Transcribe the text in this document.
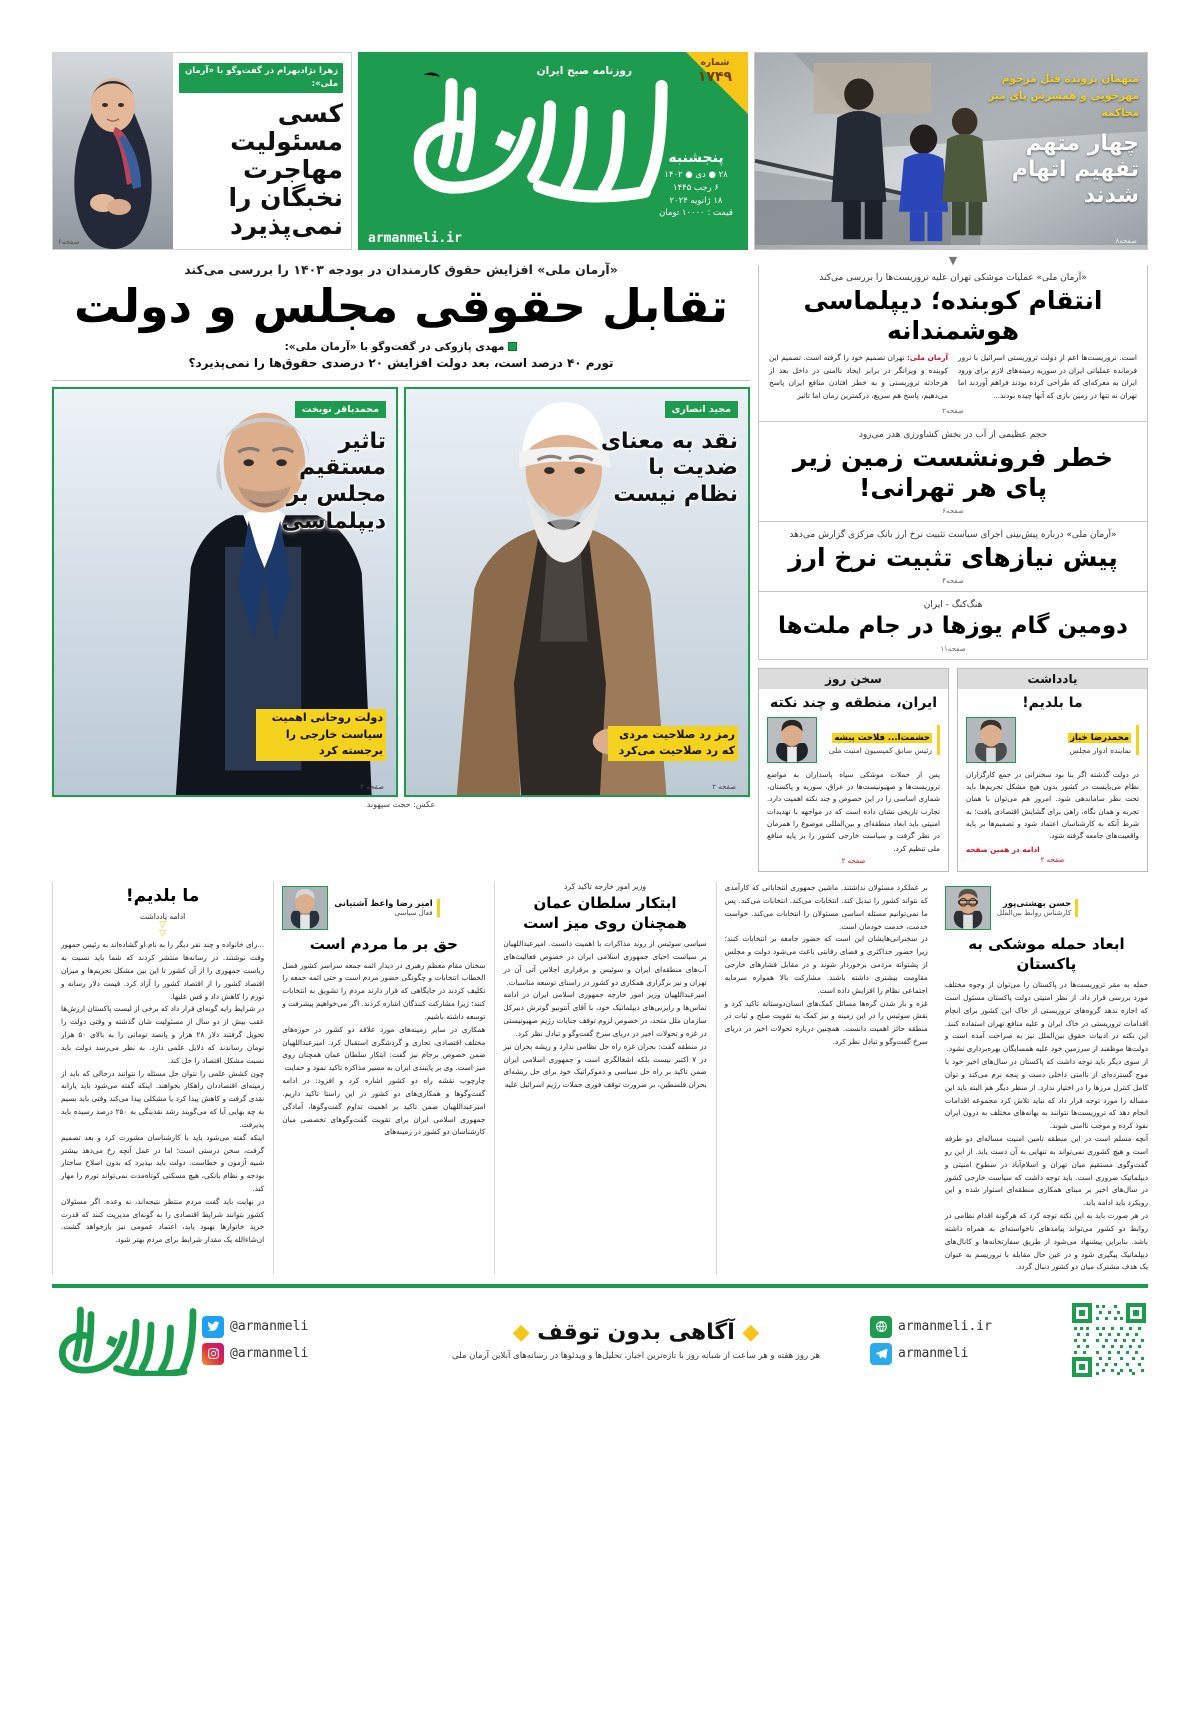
زهرا نژادبهرام در گفت‌وگو با «آرمان ملی»:
کسی مسئولیت مهاجرت نخبگان را نمی‌پذیرد
صفحه۶
شماره
۱۷۴۹
روزنامه صبح ایران
پنجشنبه
۲۸ ● دی ● ۱۴۰۲
۶ رجب ۱۴۴۵
۱۸ ژانویه ۲۰۲۴
قیمت : ۱۰۰۰۰ تومان
armanmeli.ir
متهمان پرونده قتل مرحوم مهرجویی و همسرش پای میز محاکمه
چهار متهم تفهیم اتهام شدند
صفحه۸
«آرمان ملی» افزایش حقوق کارمندان در بودجه ۱۴۰۳ را بررسی می‌کند
تقابل حقوقی مجلس و دولت
مهدی پازوکی در گفت‌وگو با «آرمان ملی»:
تورم ۴۰ درصد است، بعد دولت افزایش ۲۰ درصدی حقوق‌ها را نمی‌پذیرد؟
محمدباقر نوبخت
تاثیر مستقیم مجلس بر دیپلماسی
دولت روحانی اهمیت سیاست خارجی را برجسته کرد
صفحه ۴
مجید انصاری
نقد به معنای ضدیت با نظام نیست
رمز رد صلاحیت مردی که رد صلاحیت می‌کرد
صفحه ۲
عکس: حجت سپهوند
▼
«آرمان ملی» عملیات موشکی تهران علیه تروریست‌ها را بررسی می‌کند
انتقام کوبنده؛ دیپلماسی هوشمندانه
آرمان ملی: تهران تصمیم خود را گرفته است. تصمیم این کوبنده و ویرانگر در برابر ایجاد ناامنی در داخل بعد از هرحادثه تروریستی و به خطر افتادن منافع ایران پاسخ می‌دهیم، پاسخ هم سریع، درکمترین زمان اما تاثیر
است. تروریست‌ها اعم از دولت تروریستی اسرائیل با ترور فرمانده عملیاتی ایران در سوریه زمینه‌های لازم برای ورود ایران به معرکه‌ای که طراحی کرده بودند فراهم آوردند اما تهران نه تنها در زمین بازی که آنها چیده بودند...
صفحه۲
حجم عظیمی از آب در بخش کشاورزی هدر می‌رود
خطر فرونشست زمین زیر پای هر تهرانی!
صفحه۶
«آرمان ملی» درباره پیش‌بینی اجرای سیاست تثبیت نرخ ارز بانک مرکزی گزارش می‌دهد
پیش نیازهای تثبیت نرخ ارز
صفحه۴
هنگ‌کنگ - ایران
دومین گام یوزها در جام ملت‌ها
صفحه۱۱
سخن روز
ایران، منطقه و چند نکته
حشمت‌ا... فلاحت پیشه
رئیس سابق کمیسیون امنیت ملی

پس از حملات موشکی سپاه پاسداران به مواضع تروریست‌ها و صهیونیست‌ها در عراق، سوریه و پاکستان، شماری اساسی را در این خصوص و چند نکته اهمیت دارد. تجارب تاریخی نشان داده است که در مواجهه با تهدیدات امنیتی باید ابعاد منطقه‌ای و بین‌المللی موضوع را همزمان در نظر گرفت و سیاست خارجی کشور را بر پایه منافع ملی تنظیم کرد.

صفحه ۲
یادداشت
ما بلدیم!
محمدرضا خباز
نماینده ادوار مجلس

در دولت گذشته اگر بنا بود سخنرانی در جمع کارگزاران نظام می‌بایست در کشور بدون هیچ مشکل تحریم‌ها باید تحت نظر ساماندهی شود. امروز هم می‌توان با همان تجربه و همان نگاه، راهی برای گشایش اقتصادی یافت؛ به شرط آنکه به کارشناسان اعتماد شود و تصمیم‌ها بر پایه واقعیت‌های جامعه گرفته شود.

ادامه در همین صفحه
صفحه ۲
ما بلدیم!
ادامه یادداشت
▽
▽

...رای خانواده و چند نفر دیگر را به نام او گشاده‌اند به رئیس جمهور وقت نوشتند. در رسانه‌ها منتشر کردند که شما باید نسبت به ریاست جمهوری را از آن کشور تا این بین مشکل تحریم‌ها و میزان اقتصاد کشور را از اقتصاد کشور را آزاد کرد. قیمت دلار رسانه و تورم را کاهش داد و قس علیها.

در شرایط رایه گونه‌ای قرار داد که برخی از لیست پاکستان ارزش‌ها عقب بیش از دو سال از مسئولیت شان گذشته و وقتی دولت را تحویل گرفتند دلار ۲۸ هزار و پانصد تومانی را به بالای ۵۰ هزار تومان رساندند که دلایل علمی دارد. به نظر می‌رسد دولت باید نسبت مشکل اقتصاد را حل کند.

چون کشش علمی را نتوان حل مسئله را نتوانند درحالی که باید از زمینه‌ای اقتصاددان راهکار بخواهند. اینکه گفته می‌شود باید یارانه نقدی گرفت و کاهش پیدا کرد یا مشکلی پیدا می‌کند وقتی باید بسیم به چه بهایی آیا که می‌گویند رشد نقدینگی به ۲۵۰ درصد رسیده باید پذیرفت.

اینکه گفته می‌شود باید با کارشناسان مشورت کرد و بعد تصمیم گرفت، سخن درستی است؛ اما در عمل آنچه رخ می‌دهد بیشتر شبیه آزمون و خطاست. دولت باید بپذیرد که بدون اصلاح ساختار بودجه و نظام بانکی، هیچ مسکنی کوتاه‌مدت نمی‌تواند تورم را مهار کند.

در نهایت باید گفت مردم منتظر نتیجه‌اند، نه وعده. اگر مسئولان کشور بتوانند شرایط اقتصادی را به گونه‌ای مدیریت کنند که قدرت خرید خانوارها بهبود یابد، اعتماد عمومی نیز بازخواهد گشت. ان‌شاءالله یک مقدار شرایط برای مردم بهتر شود.

امیر رضا واعظ آشتیانی
فعال سیاسی
حق بر ما مردم است

سخنان مقام معظم رهبری در دیدار ائمه جمعه سراسر کشور فصل الخطاب انتخابات و چگونگی حضور مردم است و حتی ائمه جمعه را تکلیف کردند در جایگاهی که قرار دارند مردم را تشویق به انتخابات کنند؛ زیرا مشارکت کنندگان اشاره کردند. اگر می‌خواهیم پیشرفت و توسعه داشته باشیم.

همکاری در سایر زمینه‌های مورد علاقه دو کشور در حوزه‌های مختلف اقتصادی، تجاری و گردشگری استقبال کرد. امیرعبداللهیان ضمن خصوص برجام نیز گفت: ابتکار سلطان عمان همچنان روی میز است. وی بر پایبندی ایران به مسیر مذاکره تاکید نمود و حمایت

چارچوب نقشه راه دو کشور اشاره کرد و افزود: در ادامه گفت‌وگوها و همکاری‌های دو کشور در این راستا تاکید داریم. امیرعبداللهیان ضمن تاکید بر اهمیت تداوم گفت‌وگوها، آمادگی جمهوری اسلامی ایران برای تقویت گفت‌وگوهای تخصصی میان کارشناسان دو کشور در زمینه‌های

وزیر امور خارجه تاکید کرد
ابتکار سلطان عمان همچنان روی میز است

سیاسی سوئیس از روند مذاکرات با اهمیت دانست. امیرعبداللهیان بر سیاست احیای جمهوری اسلامی ایران در خصوص فعالیت‌های آب‌های منطقه‌ای ایران و سوئیس و برقراری اجلاس آتی آن در تهران و نیز برگزاری همکاری دو کشور در راستای توسعه مناسبات.

امیرعبداللهیان وزیر امور خارجه جمهوری اسلامی ایران در ادامه تماس‌ها و رایزنی‌های دیپلماتیک خود، با آقای آنتونیو گوترش دبیرکل سازمان ملل متحد، در خصوص لزوم توقف جنایات رژیم صهیونیستی در غزه و تحولات اخیر در دریای سرخ گفت‌وگو و تبادل نظر کرد.

در منطقه گفت: بحران غزه راه حل نظامی ندارد و ریشه بحران نیز در ۷ اکتبر نیست بلکه اشغالگری است و جمهوری اسلامی ایران ضمن تاکید بر راه حل سیاسی و دموکراتیک خود برای حل ریشه‌ای بحران فلسطین، بر ضرورت توقف فوری حملات رژیم اسرائیل علیه

بر عملکرد مسئولان نداشتند. ماشین جمهوری انتخاباتی که کارآمدی که نتواند کشور را تبدیل کند. انتخابات می‌کند. انتخابات می‌کند. پس ما نمی‌توانیم مسئله اساسی مسئولان را انتخابات می‌کند. خواست خدمت، خدمت خودمان است.

در سخنرانی‌هایشان این است که حضور جامعه بر انتخابات کنند؛ زیرا حضور حداکثری و فضای رقابتی باعث می‌شود دولت و مجلس از پشتوانه مردمی برخوردار شوند و در مقابل فشارهای خارجی مقاومت بیشتری داشته باشند. مشارکت بالا همواره سرمایه اجتماعی نظام را افزایش داده است.

غزه و باز شدن گره‌ها مسائل کمک‌های انسان‌دوستانه تاکید کرد و نقش سوئیس را در این زمینه و نیز کمک به تقویت صلح و ثبات در منطقه حائز اهمیت دانست. همچنین درباره تحولات اخیر در دریای سرخ گفت‌وگو و تبادل نظر کرد.

حسن بهشتی‌پور
کارشناس روابط بین‌الملل
ابعاد حمله موشکی به پاکستان

حمله به مقر تروریست‌ها در پاکستان را می‌توان از وجوه مختلف مورد بررسی قرار داد. از نظر امنیتی دولت پاکستان مسئول است که اجازه ندهد گروه‌های تروریستی از خاک این کشور برای انجام اقدامات تروریستی در خاک ایران و علیه منافع تهران استفاده کنند. این نکته در ادبیات حقوق بین‌الملل نیز به صراحت آمده است و دولت‌ها موظفند از سرزمین خود علیه همسایگان بهره‌برداری نشود.

از سوی دیگر باید توجه داشت که پاکستان در سال‌های اخیر خود با موج گسترده‌ای از ناامنی داخلی دست و پنجه نرم می‌کند و توان کامل کنترل مرزها را در اختیار ندارد. از منظر دیگر هم البته باید این مساله را مورد توجه قرار داد که نباید تلاش کرد مجموعه اقدامات انجام دهد که تروریست‌ها نتوانند به بهانه‌های مختلف به درون ایران نفوذ کرده و موجب ناامنی شوند.

آنچه مسلم است در این منطقه تامین امنیت مساله‌ای دو طرفه است و هیچ کشوری نمی‌تواند به تنهایی به آن دست یابد. از این رو گفت‌وگوی مستقیم میان تهران و اسلام‌آباد در سطوح امنیتی و دیپلماتیک ضروری است. باید توجه داشت که سیاست خارجی کشور در سال‌های اخیر بر مبنای همکاری منطقه‌ای استوار شده و این رویکرد باید ادامه یابد.

در هر صورت باید به این نکته توجه کرد که هرگونه اقدام نظامی در روابط دو کشور می‌تواند پیامدهای ناخواسته‌ای به همراه داشته باشد. بنابراین پیشنهاد می‌شود از طریق سفارتخانه‌ها و کانال‌های دیپلماتیک پیگیری شود و در عین حال مقابله با تروریسم به عنوان یک هدف مشترک میان دو کشور دنبال گردد.

@armanmeli
@armanmeli
◆ آگاهی بدون توقف ◆
هر روز هفته و هر ساعت از شبانه روز با تازه‌ترین اخبار، تحلیل‌ها و ویدئوها در رسانه‌های آنلاین آرمان ملی
armanmeli.ir
armanmeli
